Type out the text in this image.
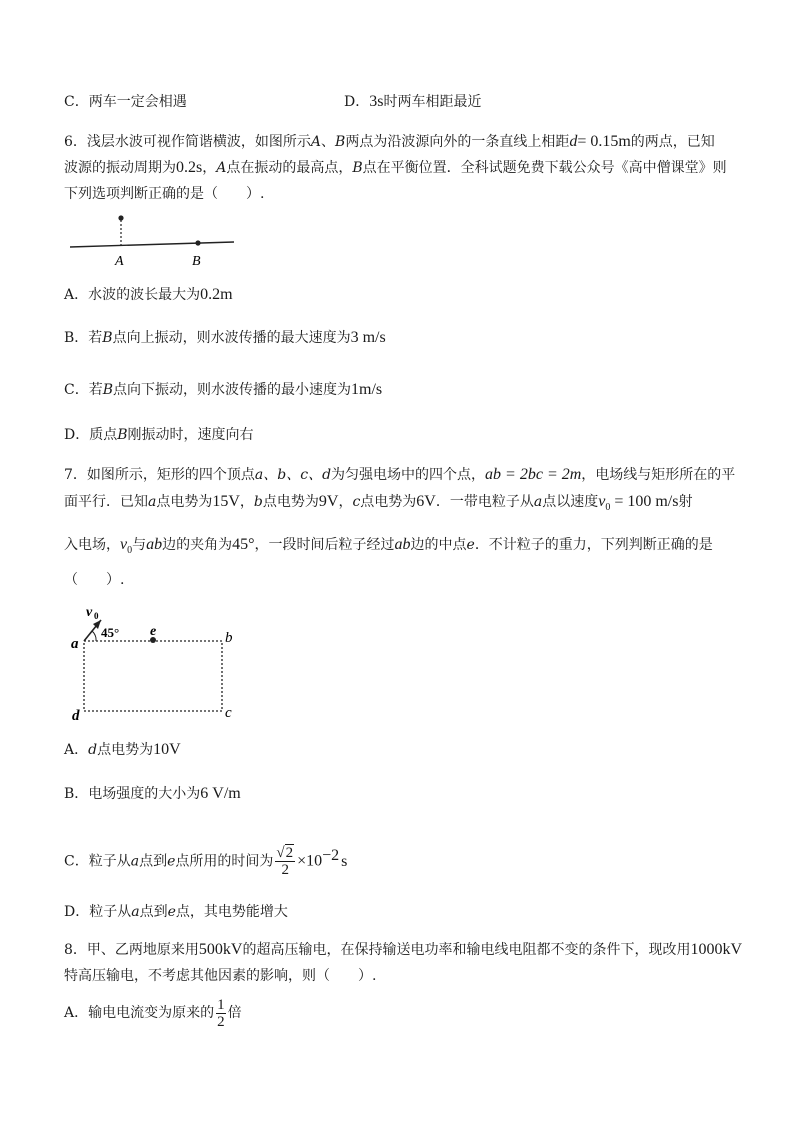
C．两车一定会相遇	D．3s时两车相距最近
6．浅层水波可视作简谐横波，如图所示A、B两点为沿波源向外的一条直线上相距d= 0.15m的两点，已知
波源的振动周期为0.2s，A点在振动的最高点，B点在平衡位置．全科试题免费下载公众号《高中僧课堂》则
下列选项判断正确的是（　　）.
A	B
A．水波的波长最大为0.2m
B．若B点向上振动，则水波传播的最大速度为3 m/s
C．若B点向下振动，则水波传播的最小速度为1m/s
D．质点B刚振动时，速度向右
7．如图所示，矩形的四个顶点a、b、c、d为匀强电场中的四个点，ab = 2bc = 2m，电场线与矩形所在的平
面平行．已知a点电势为15V，b点电势为9V，c点电势为6V．一带电粒子从a点以速度$v_0 = 100$ m/s射
入电场，$v_0$与ab边的夹角为45°，一段时间后粒子经过ab边的中点e．不计粒子的重力，下列判断正确的是
（　　）.
v 0
45°
a
e	b
d	c
A．d点电势为10V
B．电场强度的大小为6 V/m
C．粒子从a点到e点所用的时间为 $\frac{√2}{2} \times 10^{-2}$ s
D．粒子从a点到e点，其电势能增大
8．甲、乙两地原来用500kV的超高压输电，在保持输送电功率和输电线电阻都不变的条件下，现改用1000kV
特高压输电，不考虑其他因素的影响，则（　　）.
A．输电电流变为原来的 $\frac{1}{2}$ 倍
